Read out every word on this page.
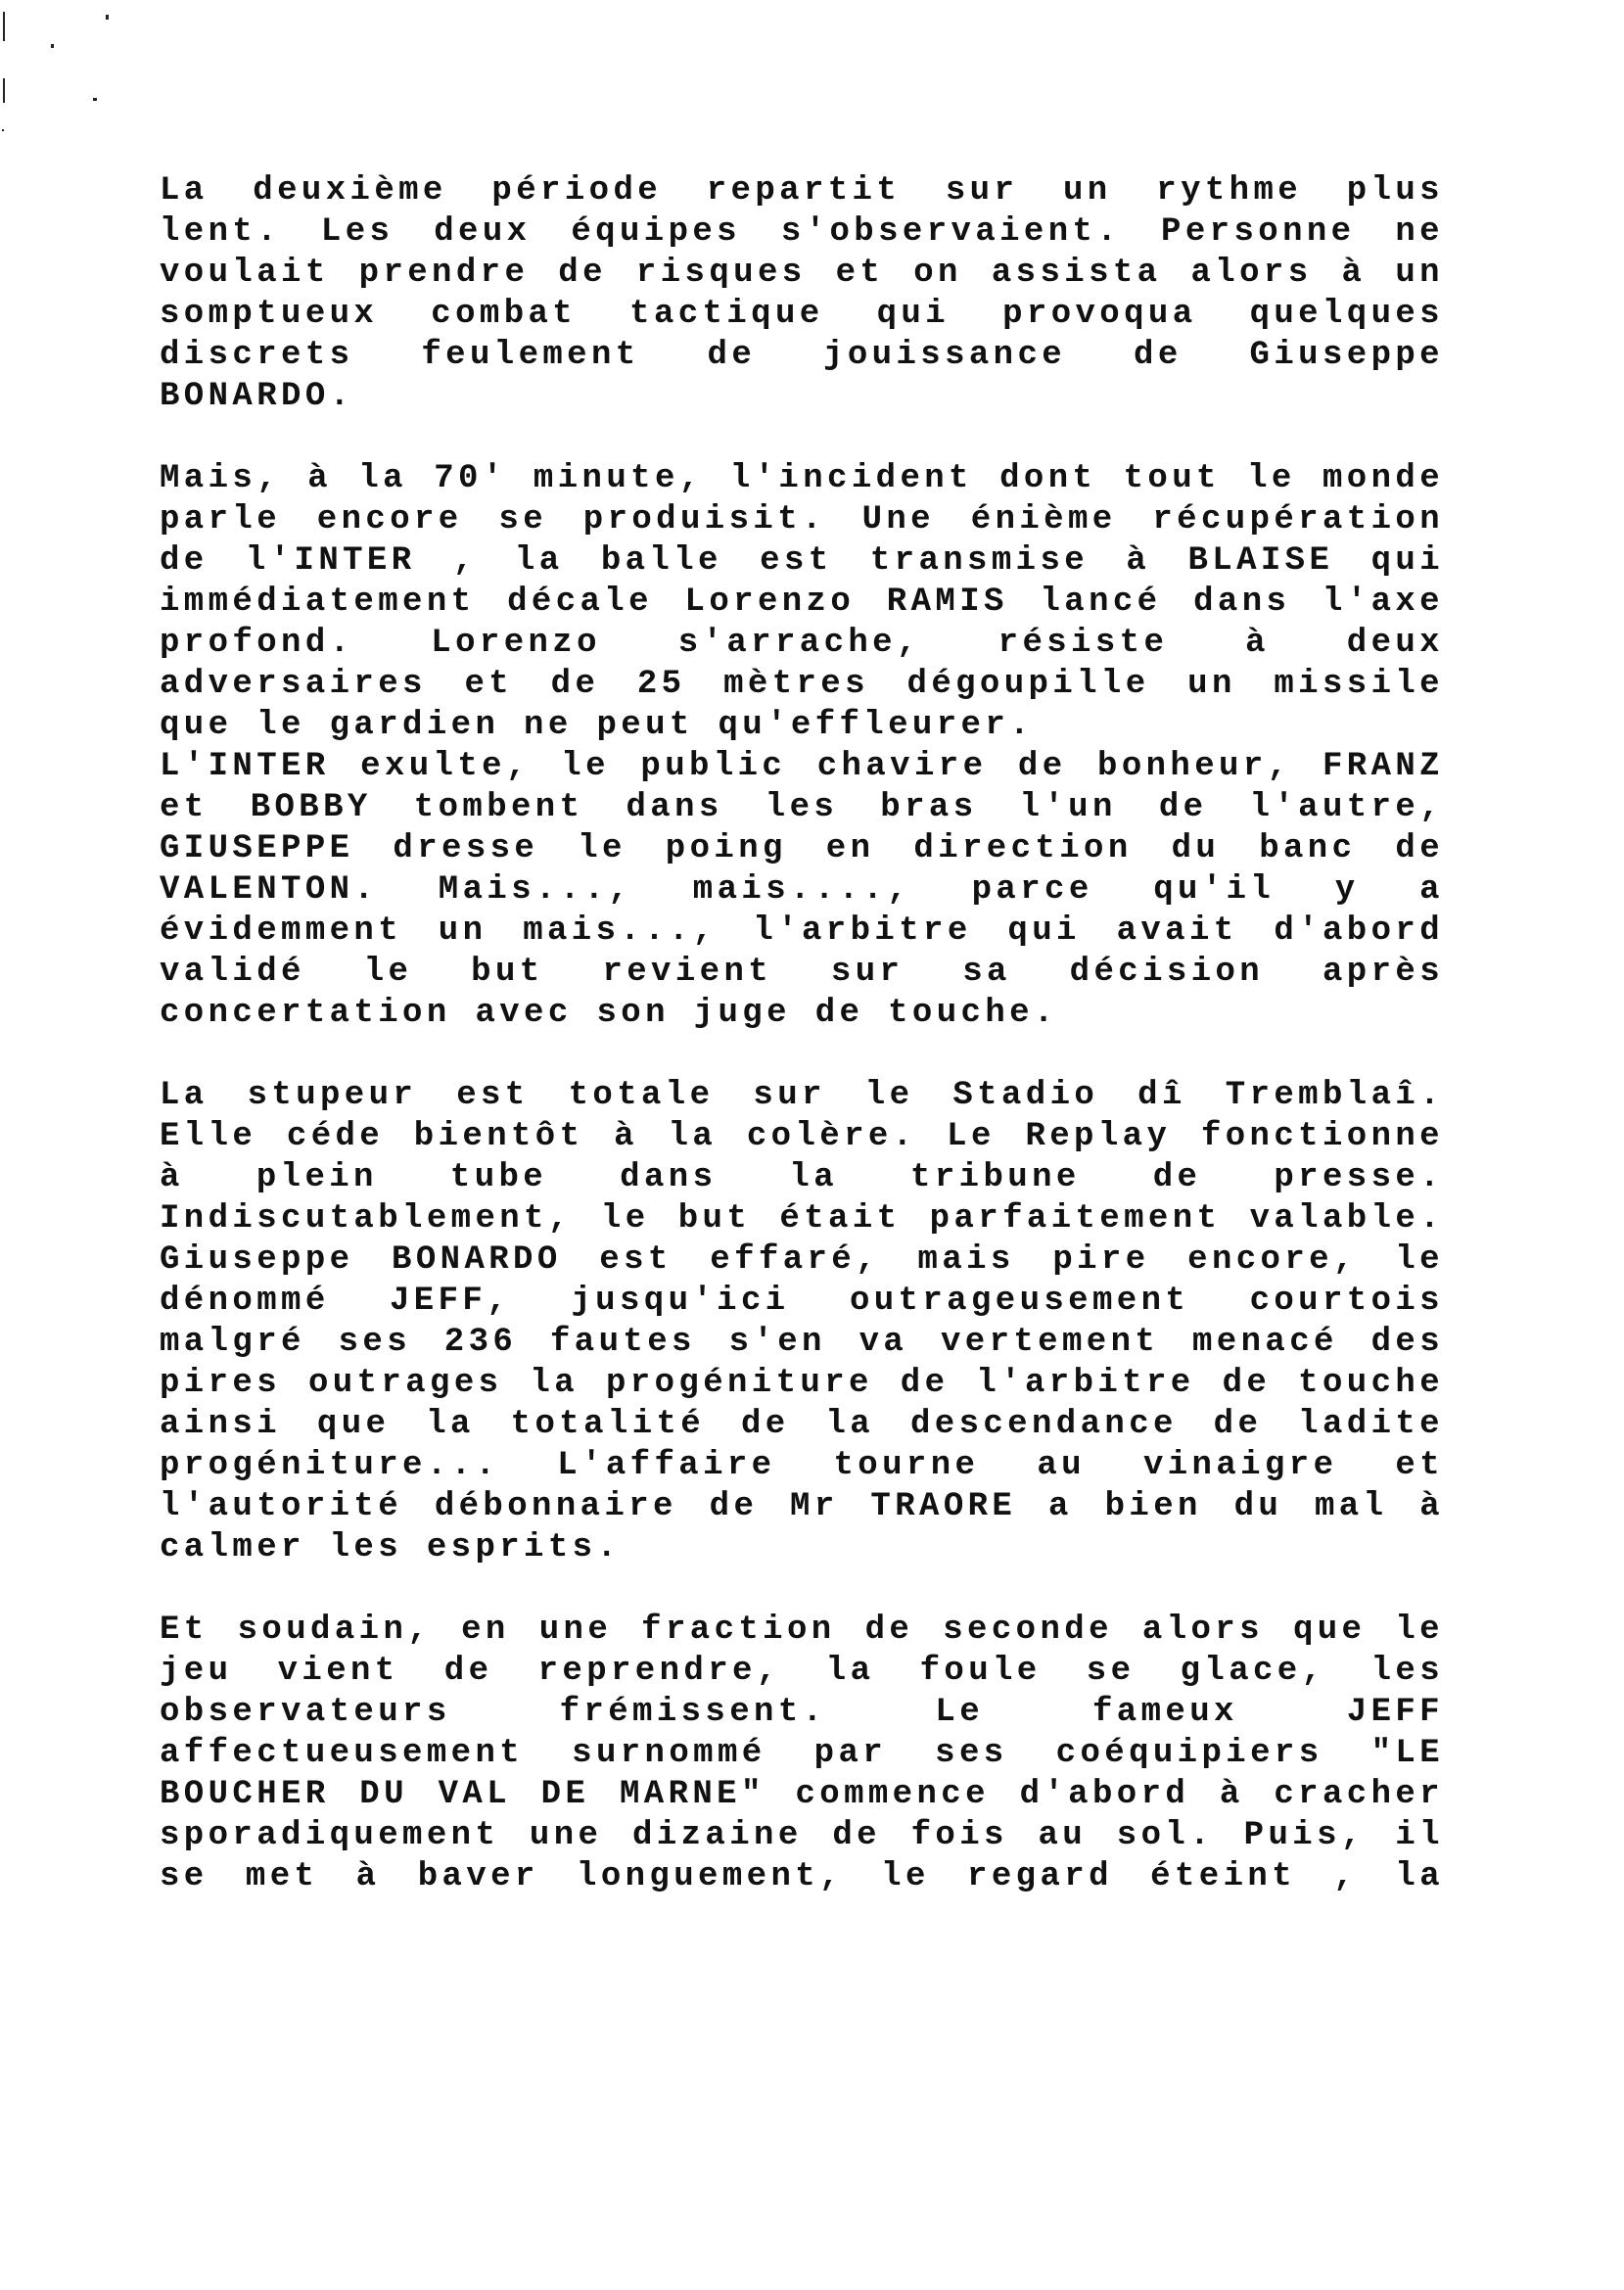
La deuxième période repartit sur un rythme plus
lent. Les deux équipes s'observaient. Personne ne
voulait prendre de risques et on assista alors à un
somptueux combat tactique qui provoqua quelques
discrets feulement de jouissance de Giuseppe
BONARDO.
Mais, à la 70' minute, l'incident dont tout le monde
parle encore se produisit. Une énième récupération
de l'INTER , la balle est transmise à BLAISE qui
immédiatement décale Lorenzo RAMIS lancé dans l'axe
profond. Lorenzo s'arrache, résiste à deux
adversaires et de 25 mètres dégoupille un missile
que le gardien ne peut qu'effleurer.
L'INTER exulte, le public chavire de bonheur, FRANZ
et BOBBY tombent dans les bras l'un de l'autre,
GIUSEPPE dresse le poing en direction du banc de
VALENTON. Mais..., mais...., parce qu'il y a
évidemment un mais..., l'arbitre qui avait d'abord
validé le but revient sur sa décision après
concertation avec son juge de touche.
La stupeur est totale sur le Stadio dî Tremblaî.
Elle céde bientôt à la colère. Le Replay fonctionne
à plein tube dans la tribune de presse.
Indiscutablement, le but était parfaitement valable.
Giuseppe BONARDO est effaré, mais pire encore, le
dénommé JEFF, jusqu'ici outrageusement courtois
malgré ses 236 fautes s'en va vertement menacé des
pires outrages la progéniture de l'arbitre de touche
ainsi que la totalité de la descendance de ladite
progéniture... L'affaire tourne au vinaigre et
l'autorité débonnaire de Mr TRAORE a bien du mal à
calmer les esprits.
Et soudain, en une fraction de seconde alors que le
jeu vient de reprendre, la foule se glace, les
observateurs frémissent. Le fameux JEFF
affectueusement surnommé par ses coéquipiers "LE
BOUCHER DU VAL DE MARNE" commence d'abord à cracher
sporadiquement une dizaine de fois au sol. Puis, il
se met à baver longuement, le regard éteint , la
